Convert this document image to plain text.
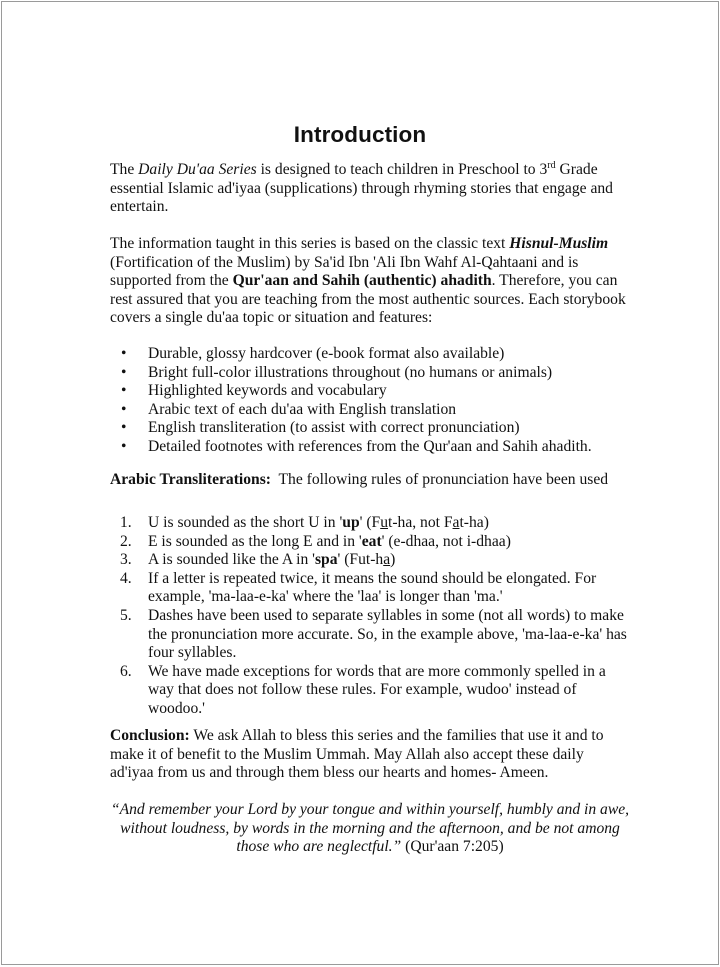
Introduction
The Daily Du'aa Series is designed to teach children in Preschool to 3rd Grade essential Islamic ad'iyaa (supplications) through rhyming stories that engage and entertain.
The information taught in this series is based on the classic text Hisnul-Muslim (Fortification of the Muslim) by Sa'id Ibn 'Ali Ibn Wahf Al-Qahtaani and is supported from the Qur'aan and Sahih (authentic) ahadith. Therefore, you can rest assured that you are teaching from the most authentic sources. Each storybook covers a single du'aa topic or situation and features:
• Durable, glossy hardcover (e-book format also available)
• Bright full-color illustrations throughout (no humans or animals)
• Highlighted keywords and vocabulary
• Arabic text of each du'aa with English translation
• English transliteration (to assist with correct pronunciation)
• Detailed footnotes with references from the Qur'aan and Sahih ahadith.
Arabic Transliterations:  The following rules of pronunciation have been used
1. U is sounded as the short U in 'up' (Fut-ha, not Fat-ha)
2. E is sounded as the long E and in 'eat' (e-dhaa, not i-dhaa)
3. A is sounded like the A in 'spa' (Fut-ha)
4. If a letter is repeated twice, it means the sound should be elongated. For example, 'ma-laa-e-ka' where the 'laa' is longer than 'ma.'
5. Dashes have been used to separate syllables in some (not all words) to make the pronunciation more accurate. So, in the example above, 'ma-laa-e-ka' has four syllables.
6. We have made exceptions for words that are more commonly spelled in a way that does not follow these rules. For example, wudoo' instead of woodoo.'
Conclusion: We ask Allah to bless this series and the families that use it and to make it of benefit to the Muslim Ummah. May Allah also accept these daily ad'iyaa from us and through them bless our hearts and homes- Ameen.
“And remember your Lord by your tongue and within yourself, humbly and in awe, without loudness, by words in the morning and the afternoon, and be not among those who are neglectful.” (Qur'aan 7:205)
